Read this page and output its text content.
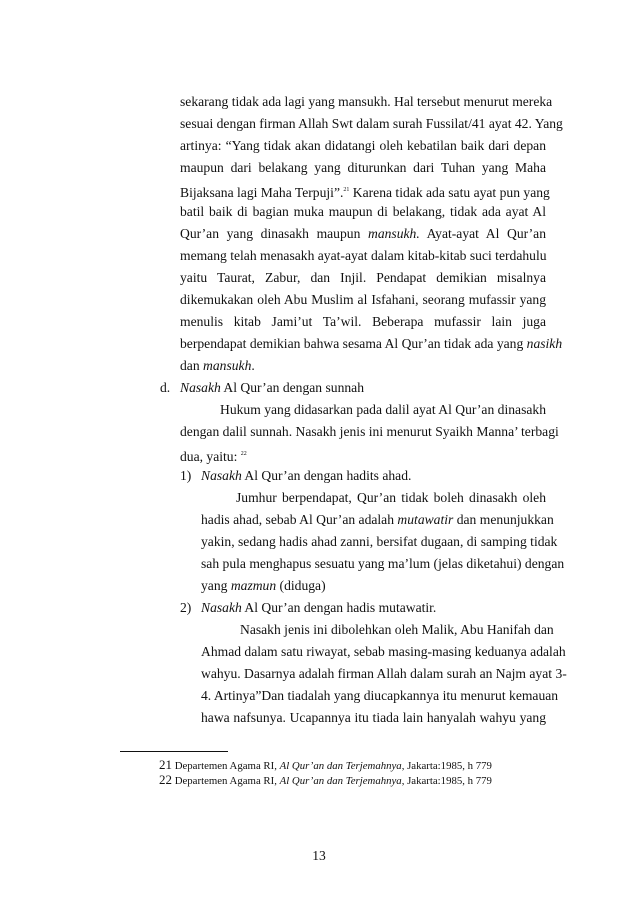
sekarang tidak ada lagi yang mansukh. Hal tersebut menurut mereka
sesuai dengan firman Allah Swt dalam surah Fussilat/41 ayat 42. Yang
artinya: “Yang tidak akan didatangi oleh kebatilan baik dari depan
maupun dari belakang yang diturunkan dari Tuhan yang Maha
Bijaksana lagi Maha Terpuji”.$^{21}$ Karena tidak ada satu ayat pun yang
batil baik di bagian muka maupun di belakang, tidak ada ayat Al
Qur’an yang dinasakh maupun mansukh. Ayat-ayat Al Qur’an
memang telah menasakh ayat-ayat dalam kitab-kitab suci terdahulu
yaitu Taurat, Zabur, dan Injil. Pendapat demikian misalnya
dikemukakan oleh Abu Muslim al Isfahani, seorang mufassir yang
menulis kitab Jami’ut Ta’wil. Beberapa mufassir lain juga
berpendapat demikian bahwa sesama Al Qur’an tidak ada yang nasikh
dan mansukh.
d. Nasakh Al Qur’an dengan sunnah
Hukum yang didasarkan pada dalil ayat Al Qur’an dinasakh
dengan dalil sunnah. Nasakh jenis ini menurut Syaikh Manna’ terbagi
dua, yaitu: $^{22}$
1) Nasakh Al Qur’an dengan hadits ahad.
Jumhur berpendapat, Qur’an tidak boleh dinasakh oleh
hadis ahad, sebab Al Qur’an adalah mutawatir dan menunjukkan
yakin, sedang hadis ahad zanni, bersifat dugaan, di samping tidak
sah pula menghapus sesuatu yang ma’lum (jelas diketahui) dengan
yang mazmun (diduga)
2) Nasakh Al Qur’an dengan hadis mutawatir.
Nasakh jenis ini dibolehkan oleh Malik, Abu Hanifah dan
Ahmad dalam satu riwayat, sebab masing-masing keduanya adalah
wahyu. Dasarnya adalah firman Allah dalam surah an Najm ayat 3-
4. Artinya”Dan tiadalah yang diucapkannya itu menurut kemauan
hawa nafsunya. Ucapannya itu tiada lain hanyalah wahyu yang
21 Departemen Agama RI, Al Qur’an dan Terjemahnya, Jakarta:1985, h 779
22 Departemen Agama RI, Al Qur’an dan Terjemahnya, Jakarta:1985, h 779
13
